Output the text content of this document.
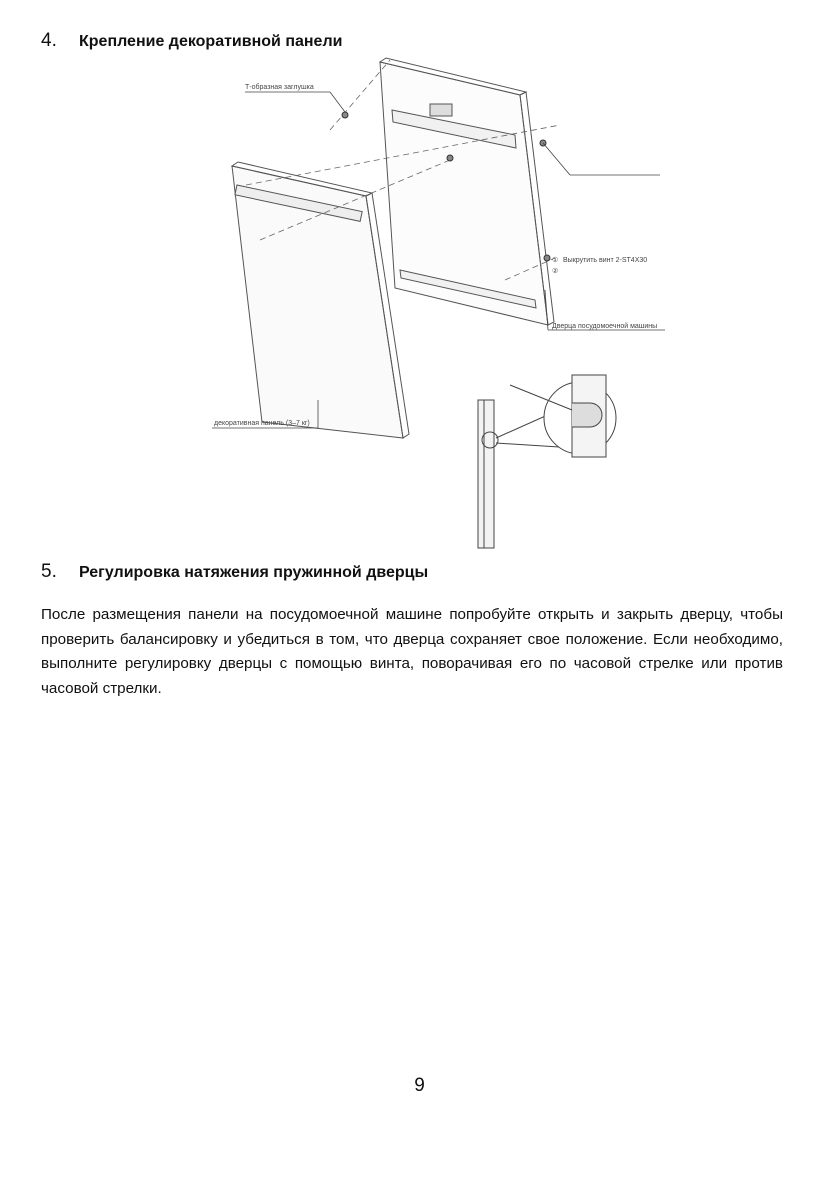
4.	Крепление декоративной панели
Т-образная заглушка
① Выкрутить винт 2-ST4X30
②
Дверца посудомоечной машины
декоративная панель (3–7 кг)
5.	Регулировка натяжения пружинной дверцы

После размещения панели на посудомоечной машине попробуйте открыть и закрыть дверцу, чтобы проверить балансировку и убедиться в том, что дверца сохраняет свое положение. Если необходимо, выполните регулировку дверцы с помощью винта, поворачивая его по часовой стрелке или против часовой стрелки.

9
